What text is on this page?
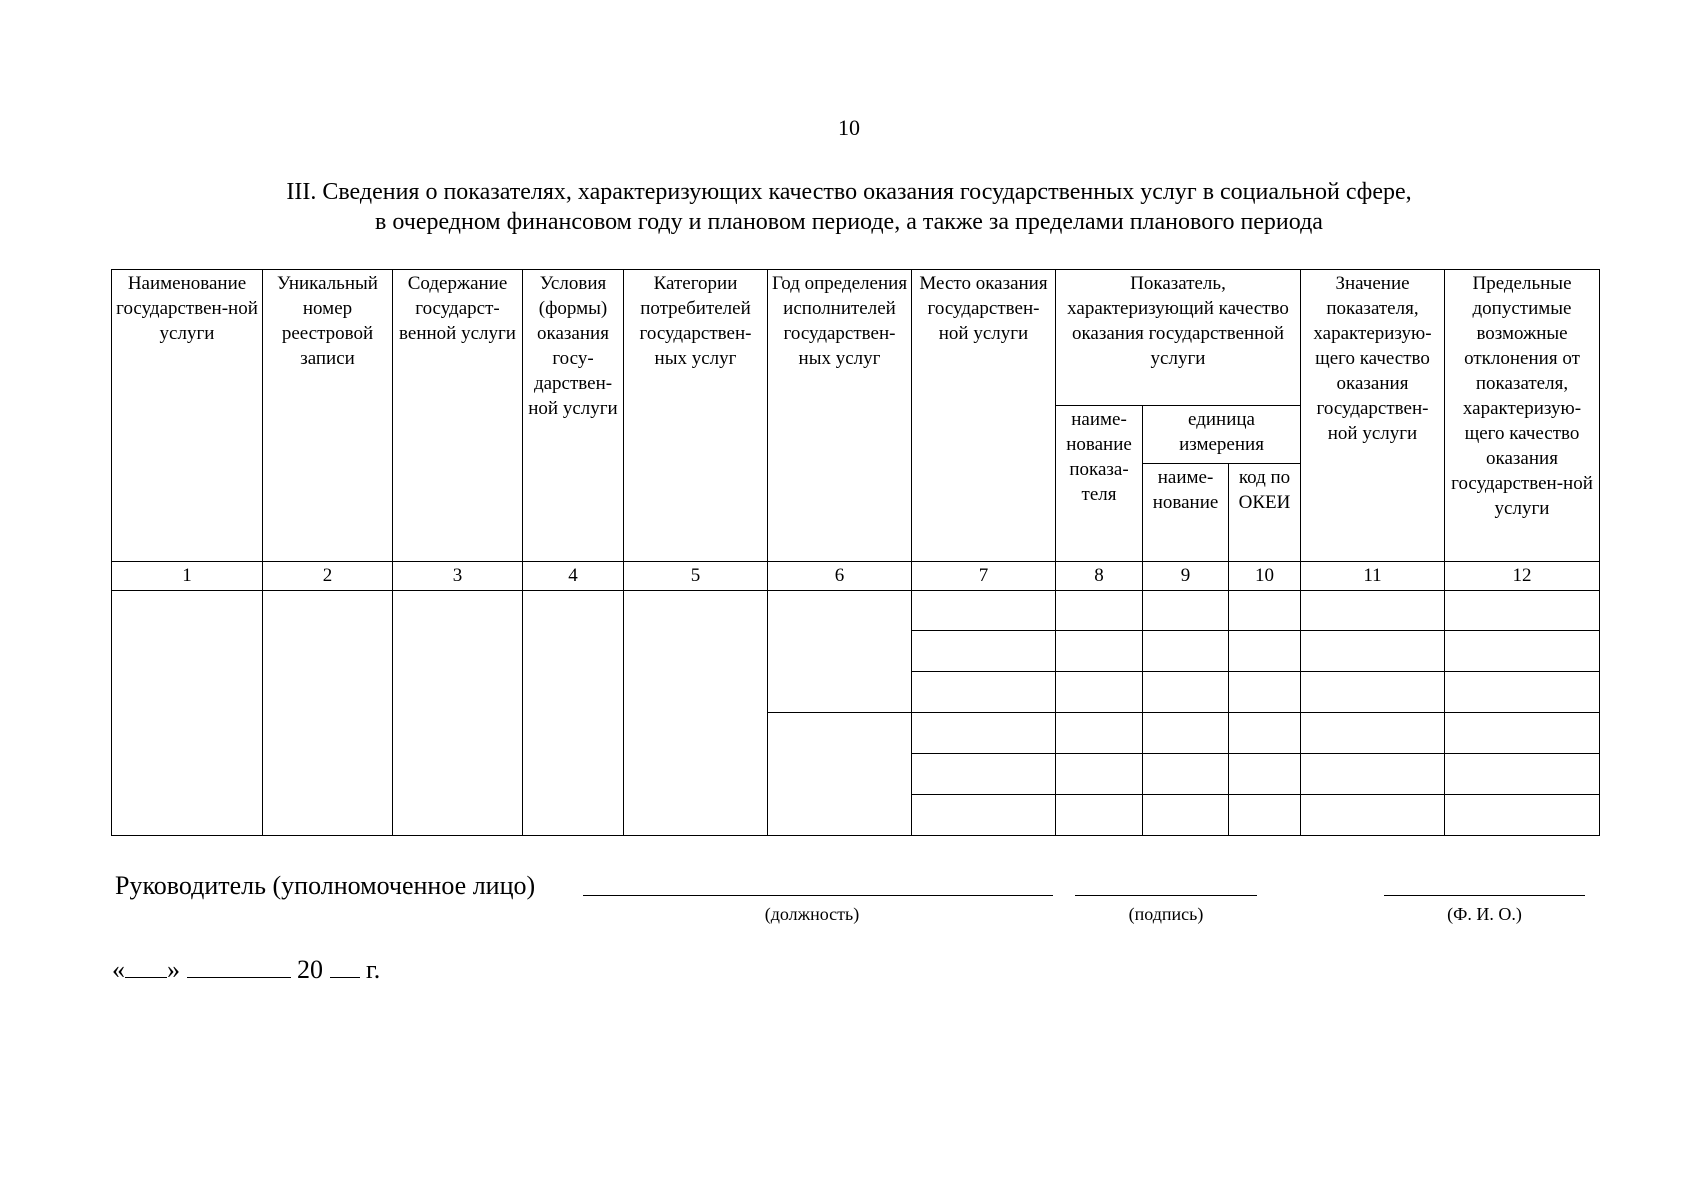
10
III. Сведения о показателях, характеризующих качество оказания государственных услуг в социальной сфере,
в очередном финансовом году и плановом периоде, а также за пределами планового периода
Наименование государствен-ной услуги	Уникальный номер реестровой записи	Содержание государст-венной услуги	Условия (формы) оказания госу-дарствен-ной услуги	Категории потребителей государствен-ных услуг	Год определения исполнителей государствен-ных услуг	Место оказания государствен-ной услуги	Показатель, характеризующий качество оказания государственной услуги			Значение показателя, характеризую-щего качество оказания государствен-ной услуги	Предельные допустимые возможные отклонения от показателя, характеризую-щего качество оказания государствен-ной услуги
							наиме-нование показа-теля	единица измерения			
								наиме-нование	код по ОКЕИ		
1	2	3	4	5	6	7	8	9	10	11	12

Руководитель (уполномоченное лицо)
(должность)	(подпись)	(Ф. И. О.)
« »	20 г.
